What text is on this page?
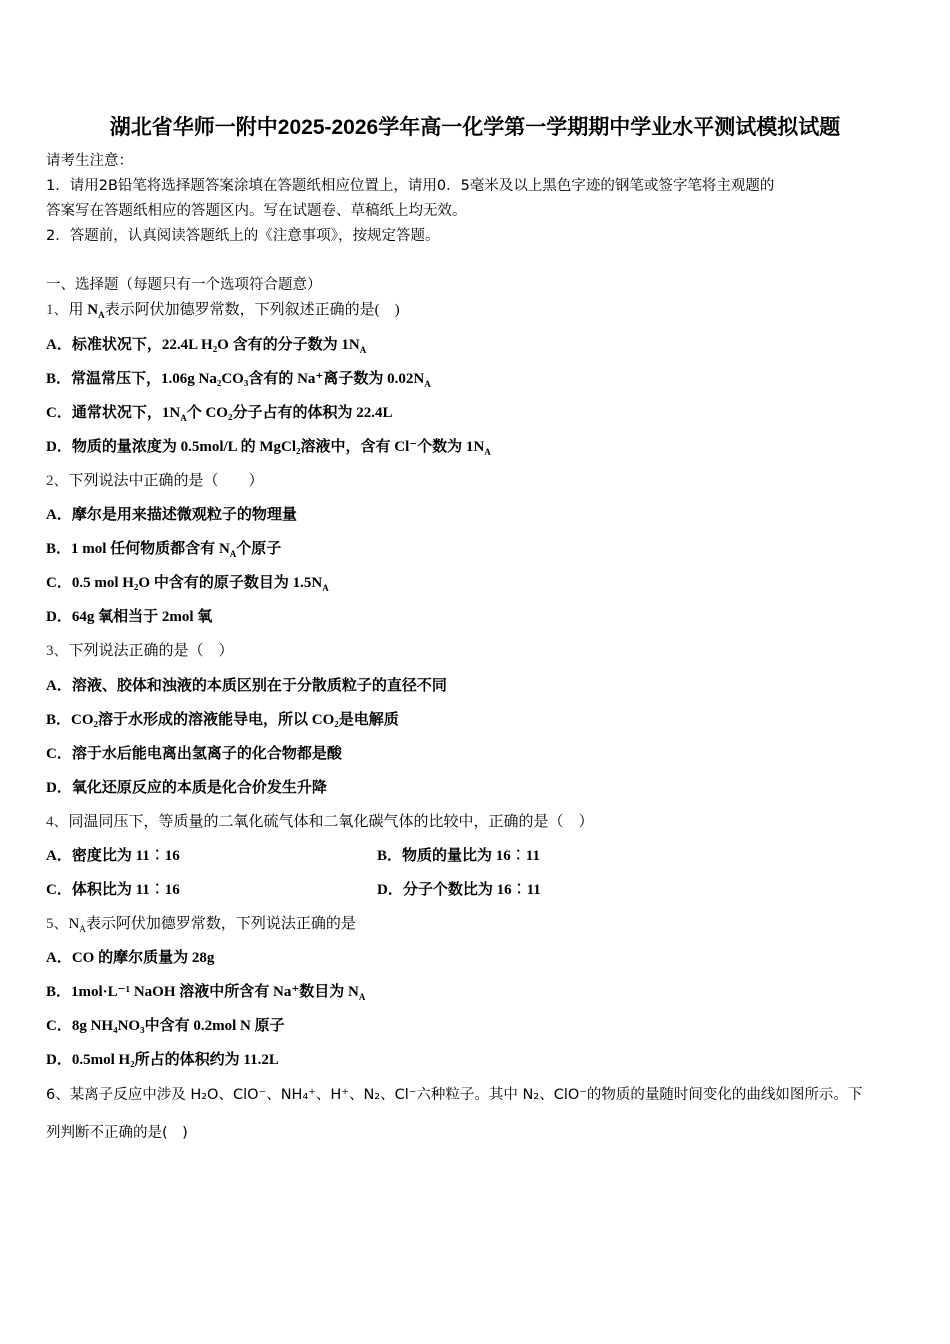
湖北省华师一附中2025-2026学年高一化学第一学期期中学业水平测试模拟试题
请考生注意：
1．请用2B铅笔将选择题答案涂填在答题纸相应位置上，请用0．5毫米及以上黑色字迹的钢笔或签字笔将主观题的
答案写在答题纸相应的答题区内。写在试题卷、草稿纸上均无效。
2．答题前，认真阅读答题纸上的《注意事项》，按规定答题。
一、选择题（每题只有一个选项符合题意）
1、用 $N_A$表示阿伏加德罗常数，下列叙述正确的是(　)
A．标准状况下，22.4L H₂O 含有的分子数为 $1N_A$
B．常温常压下，1.06g Na₂CO₃含有的 Na⁺离子数为 $0.02N_A$
C．通常状况下，$1N_A$个 CO₂分子占有的体积为 22.4L
D．物质的量浓度为 0.5mol/L 的 MgCl₂溶液中，含有 Cl⁻个数为 $1N_A$
2、下列说法中正确的是（　　）
A．摩尔是用来描述微观粒子的物理量
B．1 mol 任何物质都含有 $N_A$个原子
C．0.5 mol H₂O 中含有的原子数目为 $1.5N_A$
D．64g 氧相当于 2mol 氧
3、下列说法正确的是（　）
A．溶液、胶体和浊液的本质区别在于分散质粒子的直径不同
B．CO₂溶于水形成的溶液能导电，所以 CO₂是电解质
C．溶于水后能电离出氢离子的化合物都是酸
D．氧化还原反应的本质是化合价发生升降
4、同温同压下，等质量的二氧化硫气体和二氧化碳气体的比较中，正确的是（　）
A．密度比为 11︰16	B．物质的量比为 16︰11
C．体积比为 11︰16	D．分子个数比为 16︰11
5、$N_A$表示阿伏加德罗常数，下列说法正确的是
A．CO 的摩尔质量为 28g
B．1mol·L⁻¹ NaOH 溶液中所含有 Na⁺数目为 $N_A$
C．8g NH₄NO₃中含有 0.2mol N 原子
D．0.5mol H₂所占的体积约为 11.2L
6、某离子反应中涉及 H₂O、ClO⁻、NH₄⁺、H⁺、N₂、Cl⁻六种粒子。其中 N₂、ClO⁻的物质的量随时间变化的曲线如图所示。下
列判断不正确的是(　)
